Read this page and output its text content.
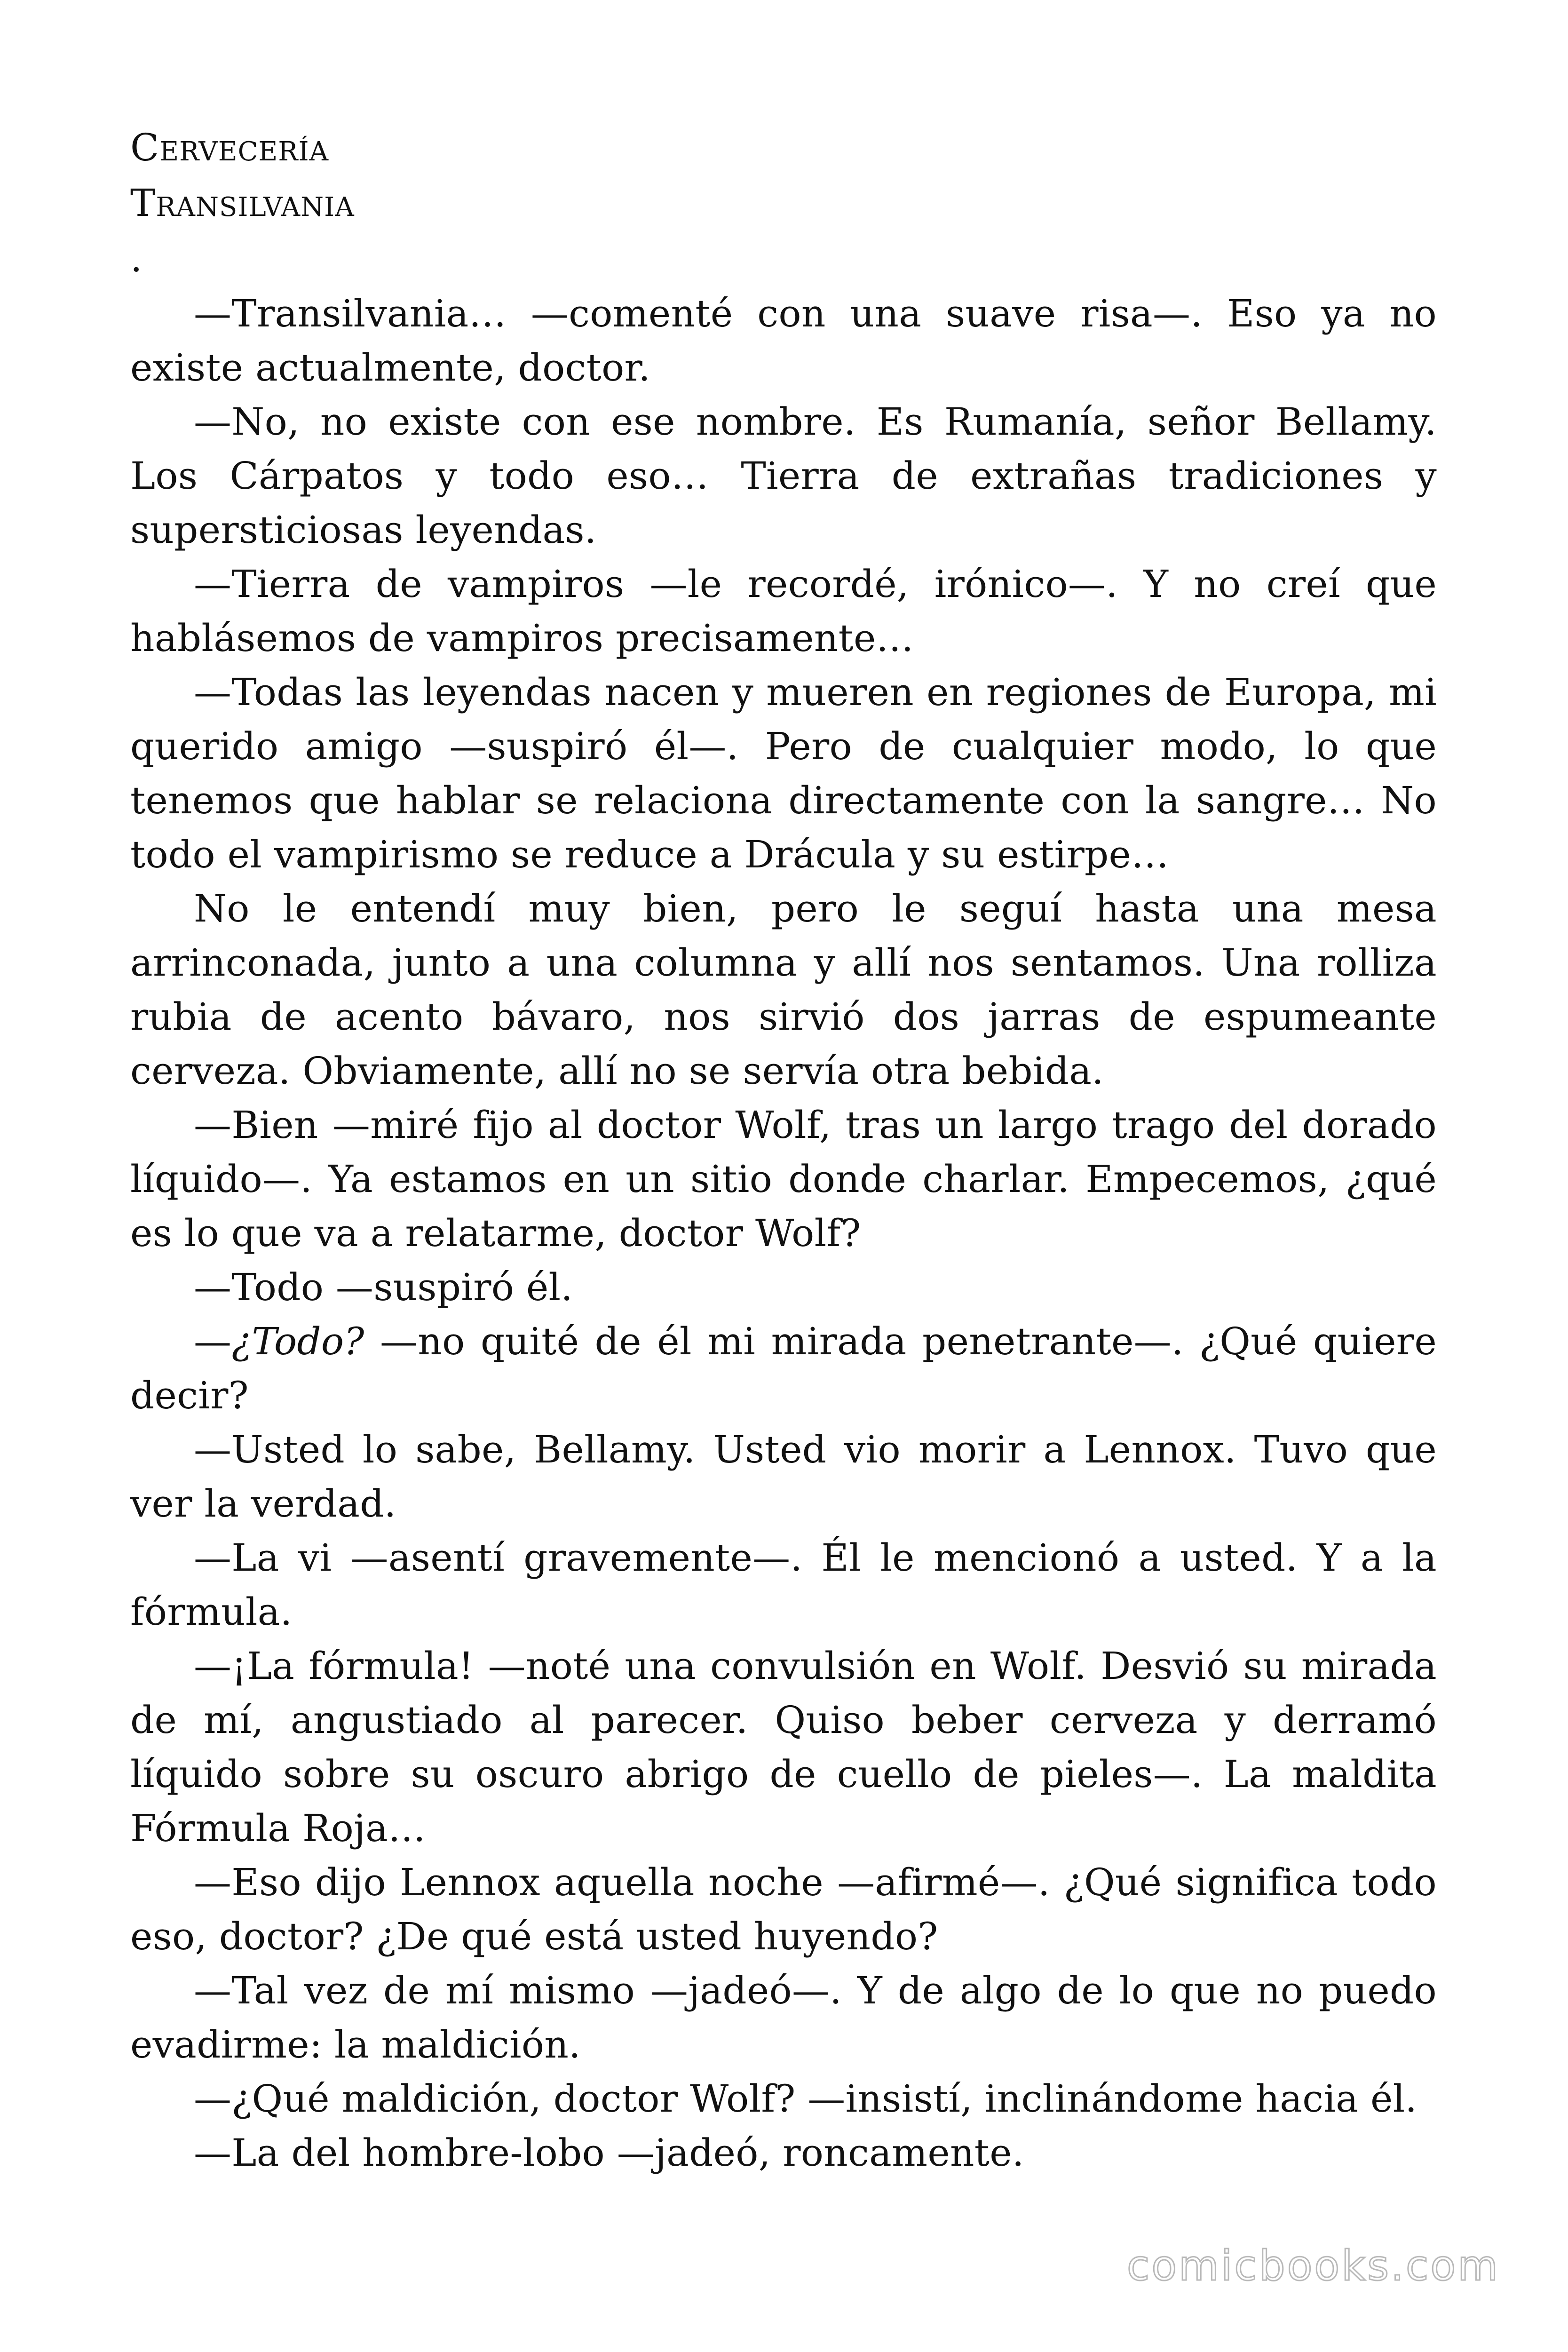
Cervecería
Transilvania
.

—Transilvania… —comenté con una suave risa—. Eso ya no existe actualmente, doctor.

—No, no existe con ese nombre. Es Rumanía, señor Bellamy. Los Cárpatos y todo eso… Tierra de extrañas tradiciones y supersticiosas leyendas.

—Tierra de vampiros —le recordé, irónico—. Y no creí que hablásemos de vampiros precisamente…

—Todas las leyendas nacen y mueren en regiones de Europa, mi querido amigo —suspiró él—. Pero de cualquier modo, lo que tenemos que hablar se relaciona directamente con la sangre… No todo el vampirismo se reduce a Drácula y su estirpe…

No le entendí muy bien, pero le seguí hasta una mesa arrinconada, junto a una columna y allí nos sentamos. Una rolliza rubia de acento bávaro, nos sirvió dos jarras de espumeante cerveza. Obviamente, allí no se servía otra bebida.

—Bien —miré fijo al doctor Wolf, tras un largo trago del dorado líquido—. Ya estamos en un sitio donde charlar. Empecemos, ¿qué es lo que va a relatarme, doctor Wolf?

—Todo —suspiró él.

—¿Todo? —no quité de él mi mirada penetrante—. ¿Qué quiere decir?

—Usted lo sabe, Bellamy. Usted vio morir a Lennox. Tuvo que ver la verdad.

—La vi —asentí gravemente—. Él le mencionó a usted. Y a la fórmula.

—¡La fórmula! —noté una convulsión en Wolf. Desvió su mirada de mí, angustiado al parecer. Quiso beber cerveza y derramó líquido sobre su oscuro abrigo de cuello de pieles—. La maldita Fórmula Roja…

—Eso dijo Lennox aquella noche —afirmé—. ¿Qué significa todo eso, doctor? ¿De qué está usted huyendo?

—Tal vez de mí mismo —jadeó—. Y de algo de lo que no puedo evadirme: la maldición.

—¿Qué maldición, doctor Wolf? —insistí, inclinándome hacia él.

—La del hombre-lobo —jadeó, roncamente.

comicbooks.com
